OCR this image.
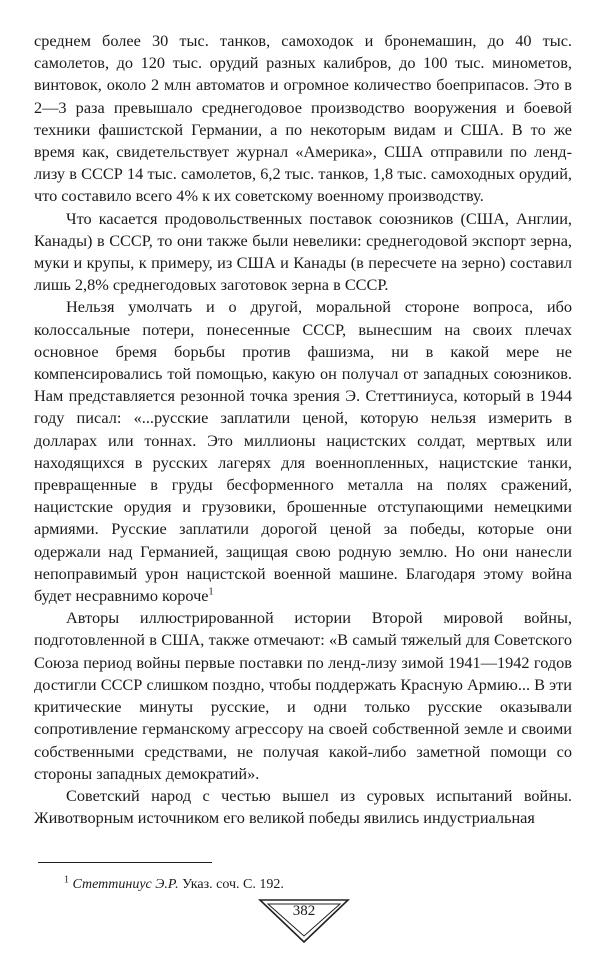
среднем более 30 тыс. танков, самоходок и бронемашин, до 40 тыс. самолетов, до 120 тыс. орудий разных калибров, до 100 тыс. минометов, винтовок, около 2 млн автоматов и огромное количество боеприпасов. Это в 2—3 раза превышало среднегодовое производство вооружения и боевой техники фашистской Германии, а по некоторым видам и США. В то же время как, свидетельствует журнал «Америка», США отправили по ленд-лизу в СССР 14 тыс. самолетов, 6,2 тыс. танков, 1,8 тыс. самоходных орудий, что составило всего 4% к их советскому военному производству.

Что касается продовольственных поставок союзников (США, Англии, Канады) в СССР, то они также были невелики: среднегодовой экспорт зерна, муки и крупы, к примеру, из США и Канады (в пересчете на зерно) составил лишь 2,8% среднегодовых заготовок зерна в СССР.

Нельзя умолчать и о другой, моральной стороне вопроса, ибо колоссальные потери, понесенные СССР, вынесшим на своих плечах основное бремя борьбы против фашизма, ни в какой мере не компенсировались той помощью, какую он получал от западных союзников. Нам представляется резонной точка зрения Э. Стеттиниуса, который в 1944 году писал: «...русские заплатили ценой, которую нельзя измерить в долларах или тоннах. Это миллионы нацистских солдат, мертвых или находящихся в русских лагерях для военнопленных, нацистские танки, превращенные в груды бесформенного металла на полях сражений, нацистские орудия и грузовики, брошенные отступающими немецкими армиями. Русские заплатили дорогой ценой за победы, которые они одержали над Германией, защищая свою родную землю. Но они нанесли непоправимый урон нацистской военной машине. Благодаря этому война будет несравнимо короче$^1$

Авторы иллюстрированной истории Второй мировой войны, подготовленной в США, также отмечают: «В самый тяжелый для Советского Союза период войны первые поставки по ленд-лизу зимой 1941—1942 годов достигли СССР слишком поздно, чтобы поддержать Красную Армию... В эти критические минуты русские, и одни только русские оказывали сопротивление германскому агрессору на своей собственной земле и своими собственными средствами, не получая какой-либо заметной помощи со стороны западных демократий».

Советский народ с честью вышел из суровых испытаний войны. Животворным источником его великой победы явились индустриальная

$^1$ Стеттиниус Э.Р. Указ. соч. С. 192.
382
